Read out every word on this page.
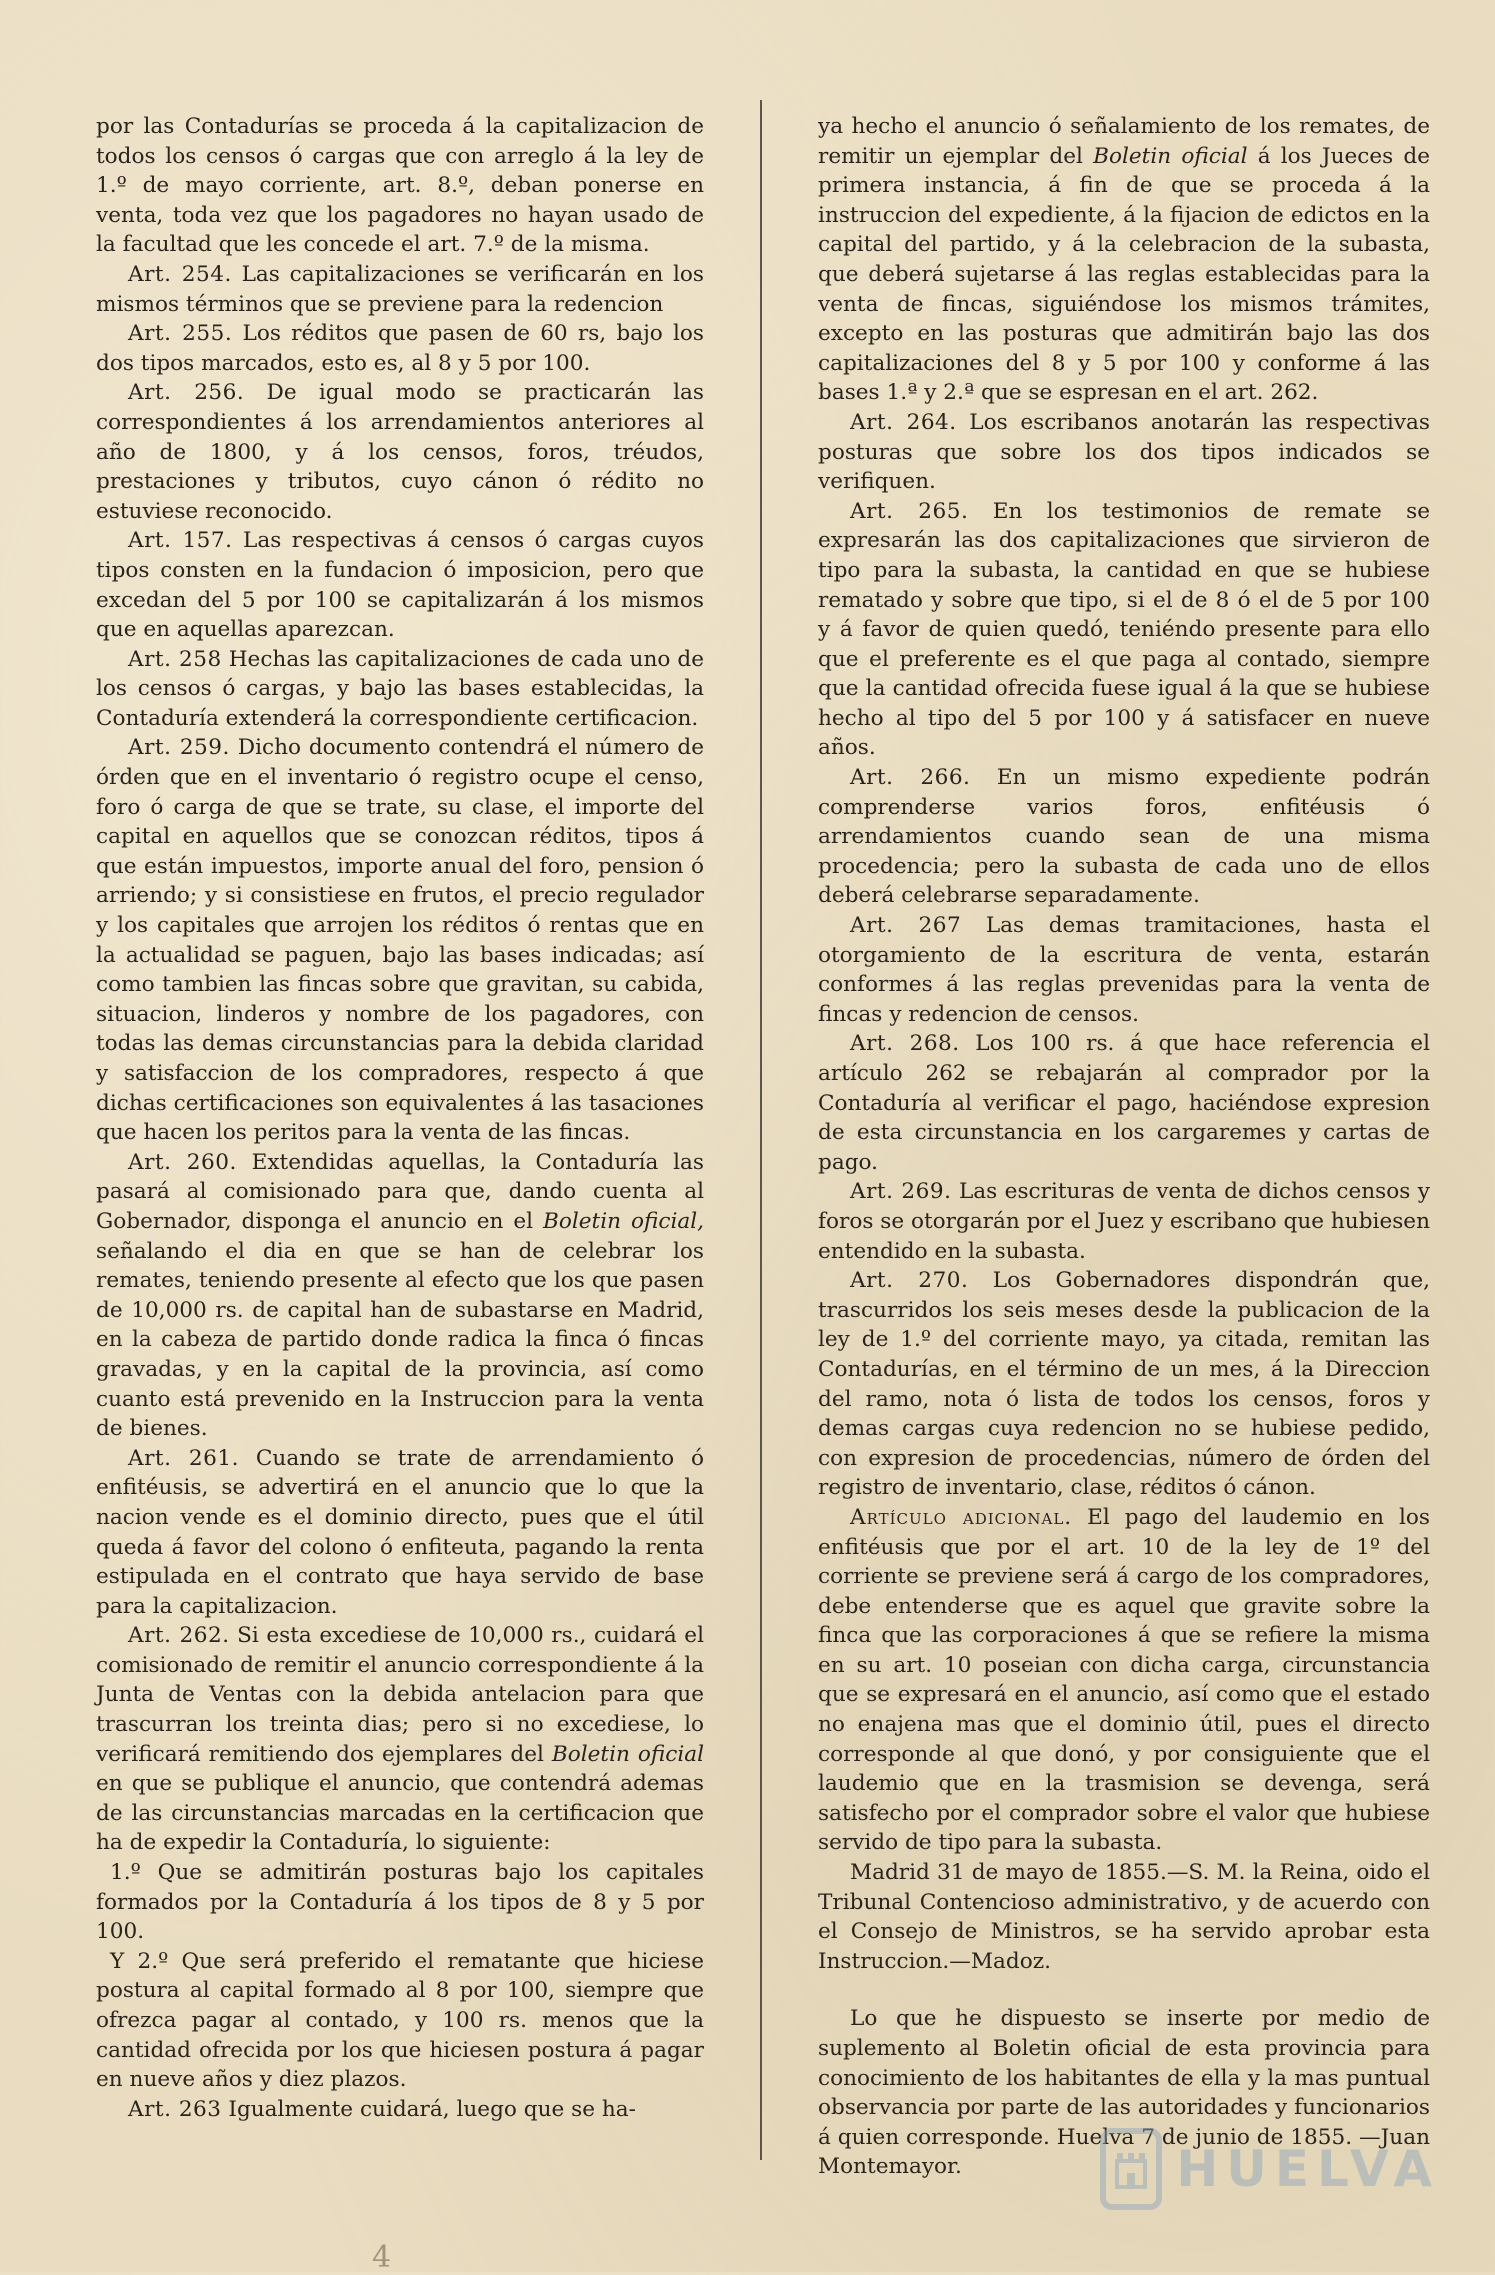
por las Contadurías se proceda á la capitalizacion de todos los censos ó cargas que con arreglo á la ley de 1.º de mayo corriente, art. 8.º, deban ponerse en venta, toda vez que los pagadores no hayan usado de la facultad que les concede el art. 7.º de la misma.

Art. 254. Las capitalizaciones se verificarán en los mismos términos que se previene para la redencion

Art. 255. Los réditos que pasen de 60 rs, bajo los dos tipos marcados, esto es, al 8 y 5 por 100.

Art. 256. De igual modo se practicarán las correspondientes á los arrendamientos anteriores al año de 1800, y á los censos, foros, tréudos, prestaciones y tributos, cuyo cánon ó rédito no estuviese reconocido.

Art. 157. Las respectivas á censos ó cargas cuyos tipos consten en la fundacion ó imposicion, pero que excedan del 5 por 100 se capitalizarán á los mismos que en aquellas aparezcan.

Art. 258 Hechas las capitalizaciones de cada uno de los censos ó cargas, y bajo las bases establecidas, la Contaduría extenderá la correspondiente certificacion.

Art. 259. Dicho documento contendrá el número de órden que en el inventario ó registro ocupe el censo, foro ó carga de que se trate, su clase, el importe del capital en aquellos que se conozcan réditos, tipos á que están impuestos, importe anual del foro, pension ó arriendo; y si consistiese en frutos, el precio regulador y los capitales que arrojen los réditos ó rentas que en la actualidad se paguen, bajo las bases indicadas; así como tambien las fincas sobre que gravitan, su cabida, situacion, linderos y nombre de los pagadores, con todas las demas circunstancias para la debida claridad y satisfaccion de los compradores, respecto á que dichas certificaciones son equivalentes á las tasaciones que hacen los peritos para la venta de las fincas.

Art. 260. Extendidas aquellas, la Contaduría las pasará al comisionado para que, dando cuenta al Gobernador, disponga el anuncio en el Boletin oficial, señalando el dia en que se han de celebrar los remates, teniendo presente al efecto que los que pasen de 10,000 rs. de capital han de subastarse en Madrid, en la cabeza de partido donde radica la finca ó fincas gravadas, y en la capital de la provincia, así como cuanto está prevenido en la Instruccion para la venta de bienes.

Art. 261. Cuando se trate de arrendamiento ó enfitéusis, se advertirá en el anuncio que lo que la nacion vende es el dominio directo, pues que el útil queda á favor del colono ó enfiteuta, pagando la renta estipulada en el contrato que haya servido de base para la capitalizacion.

Art. 262. Si esta excediese de 10,000 rs., cuidará el comisionado de remitir el anuncio correspondiente á la Junta de Ventas con la debida antelacion para que trascurran los treinta dias; pero si no excediese, lo verificará remitiendo dos ejemplares del Boletin oficial en que se publique el anuncio, que contendrá ademas de las circunstancias marcadas en la certificacion que ha de expedir la Contaduría, lo siguiente:

1.º Que se admitirán posturas bajo los capitales formados por la Contaduría á los tipos de 8 y 5 por 100.

Y 2.º Que será preferido el rematante que hiciese postura al capital formado al 8 por 100, siempre que ofrezca pagar al contado, y 100 rs. menos que la cantidad ofrecida por los que hiciesen postura á pagar en nueve años y diez plazos.

Art. 263 Igualmente cuidará, luego que se ha-

ya hecho el anuncio ó señalamiento de los remates, de remitir un ejemplar del Boletin oficial á los Jueces de primera instancia, á fin de que se proceda á la instruccion del expediente, á la fijacion de edictos en la capital del partido, y á la celebracion de la subasta, que deberá sujetarse á las reglas establecidas para la venta de fincas, siguiéndose los mismos trámites, excepto en las posturas que admitirán bajo las dos capitalizaciones del 8 y 5 por 100 y conforme á las bases 1.ª y 2.ª que se espresan en el art. 262.

Art. 264. Los escribanos anotarán las respectivas posturas que sobre los dos tipos indicados se verifiquen.

Art. 265. En los testimonios de remate se expresarán las dos capitalizaciones que sirvieron de tipo para la subasta, la cantidad en que se hubiese rematado y sobre que tipo, si el de 8 ó el de 5 por 100 y á favor de quien quedó, teniéndo presente para ello que el preferente es el que paga al contado, siempre que la cantidad ofrecida fuese igual á la que se hubiese hecho al tipo del 5 por 100 y á satisfacer en nueve años.

Art. 266. En un mismo expediente podrán comprenderse varios foros, enfitéusis ó arrendamientos cuando sean de una misma procedencia; pero la subasta de cada uno de ellos deberá celebrarse separadamente.

Art. 267 Las demas tramitaciones, hasta el otorgamiento de la escritura de venta, estarán conformes á las reglas prevenidas para la venta de fincas y redencion de censos.

Art. 268. Los 100 rs. á que hace referencia el artículo 262 se rebajarán al comprador por la Contaduría al verificar el pago, haciéndose expresion de esta circunstancia en los cargaremes y cartas de pago.

Art. 269. Las escrituras de venta de dichos censos y foros se otorgarán por el Juez y escribano que hubiesen entendido en la subasta.

Art. 270. Los Gobernadores dispondrán que, trascurridos los seis meses desde la publicacion de la ley de 1.º del corriente mayo, ya citada, remitan las Contadurías, en el término de un mes, á la Direccion del ramo, nota ó lista de todos los censos, foros y demas cargas cuya redencion no se hubiese pedido, con expresion de procedencias, número de órden del registro de inventario, clase, réditos ó cánon.

Artículo adicional. El pago del laudemio en los enfitéusis que por el art. 10 de la ley de 1º del corriente se previene será á cargo de los compradores, debe entenderse que es aquel que gravite sobre la finca que las corporaciones á que se refiere la misma en su art. 10 poseian con dicha carga, circunstancia que se expresará en el anuncio, así como que el estado no enajena mas que el dominio útil, pues el directo corresponde al que donó, y por consiguiente que el laudemio que en la trasmision se devenga, será satisfecho por el comprador sobre el valor que hubiese servido de tipo para la subasta.

Madrid 31 de mayo de 1855.—S. M. la Reina, oido el Tribunal Contencioso administrativo, y de acuerdo con el Consejo de Ministros, se ha servido aprobar esta Instruccion.—Madoz.

Lo que he dispuesto se inserte por medio de suplemento al Boletin oficial de esta provincia para conocimiento de los habitantes de ella y la mas puntual observancia por parte de las autoridades y funcionarios á quien corresponde. Huelva 7 de junio de 1855. —Juan Montemayor.

4
HUELVA
